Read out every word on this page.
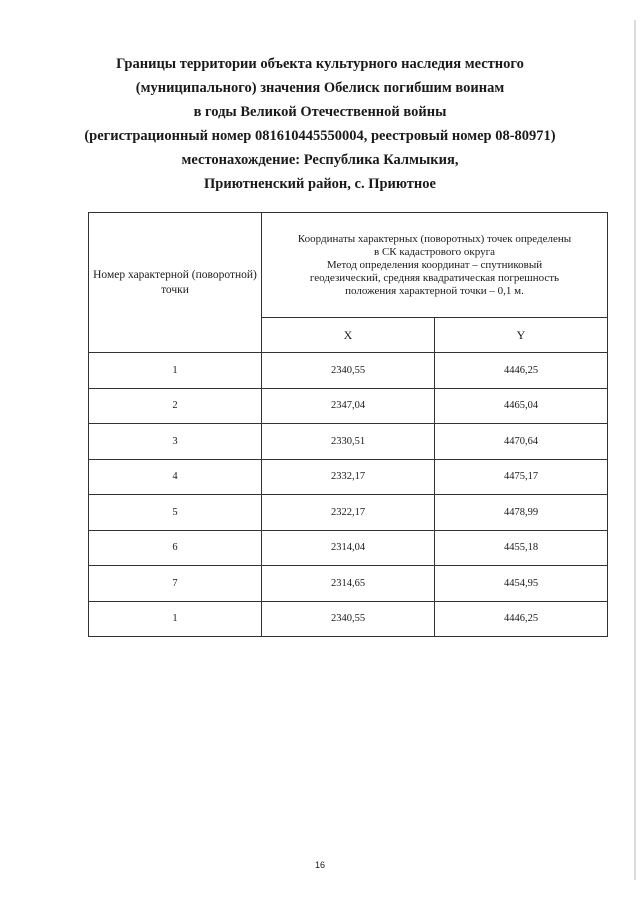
Границы территории объекта культурного наследия местного
(муниципального) значения Обелиск погибшим воинам
в годы Великой Отечественной войны
(регистрационный номер 081610445550004, реестровый номер 08-80971)
местонахождение: Республика Калмыкия,
Приютненский район, с. Приютное
Номер характерной (поворотной) точки	Координаты характерных (поворотных) точек определены
в СК кадастрового округа
Метод определения координат – спутниковый
геодезический, средняя квадратическая погрешность
положения характерной точки – 0,1 м.	

	X	Y
1	2340,55	4446,25
2	2347,04	4465,04
3	2330,51	4470,64
4	2332,17	4475,17
5	2322,17	4478,99
6	2314,04	4455,18
7	2314,65	4454,95
1	2340,55	4446,25
16
